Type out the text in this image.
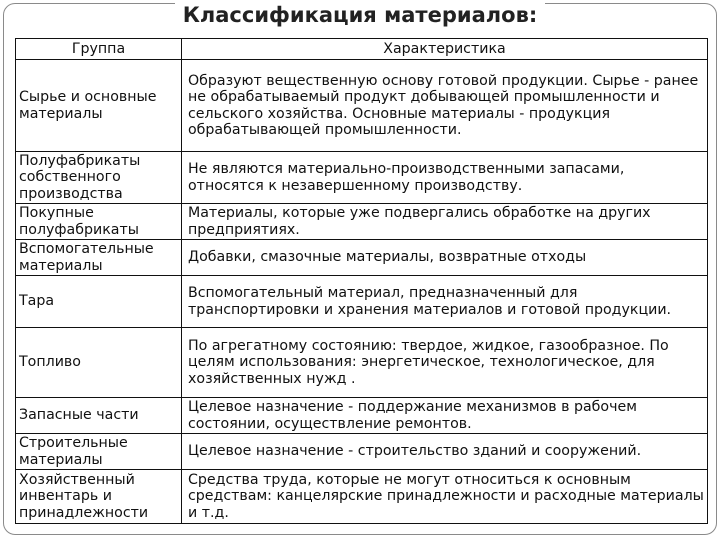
Классификация материалов:
Группа	Характеристика
Сырье и основные материалы	Образуют вещественную основу готовой продукции. Сырье - ранее не обрабатываемый продукт добывающей промышленности и сельского хозяйства. Основные материалы - продукция обрабатывающей промышленности.
Полуфабрикаты собственного производства	Не являются материально-производственными запасами, относятся к незавершенному производству.
Покупные полуфабрикаты	Материалы, которые уже подвергались обработке на других предприятиях.
Вспомогательные материалы	Добавки, смазочные материалы, возвратные отходы
Тара	Вспомогательный материал, предназначенный для транспортировки и хранения материалов и готовой продукции.
Топливо	По агрегатному состоянию: твердое, жидкое, газообразное. По целям использования: энергетическое, технологическое, для хозяйственных нужд .
Запасные части	Целевое назначение - поддержание механизмов в рабочем состоянии, осуществление ремонтов.
Строительные материалы	Целевое назначение - строительство зданий и сооружений.
Хозяйственный инвентарь и принадлежности	Средства труда, которые не могут относиться к основным средствам: канцелярские принадлежности и расходные материалы и т.д.
